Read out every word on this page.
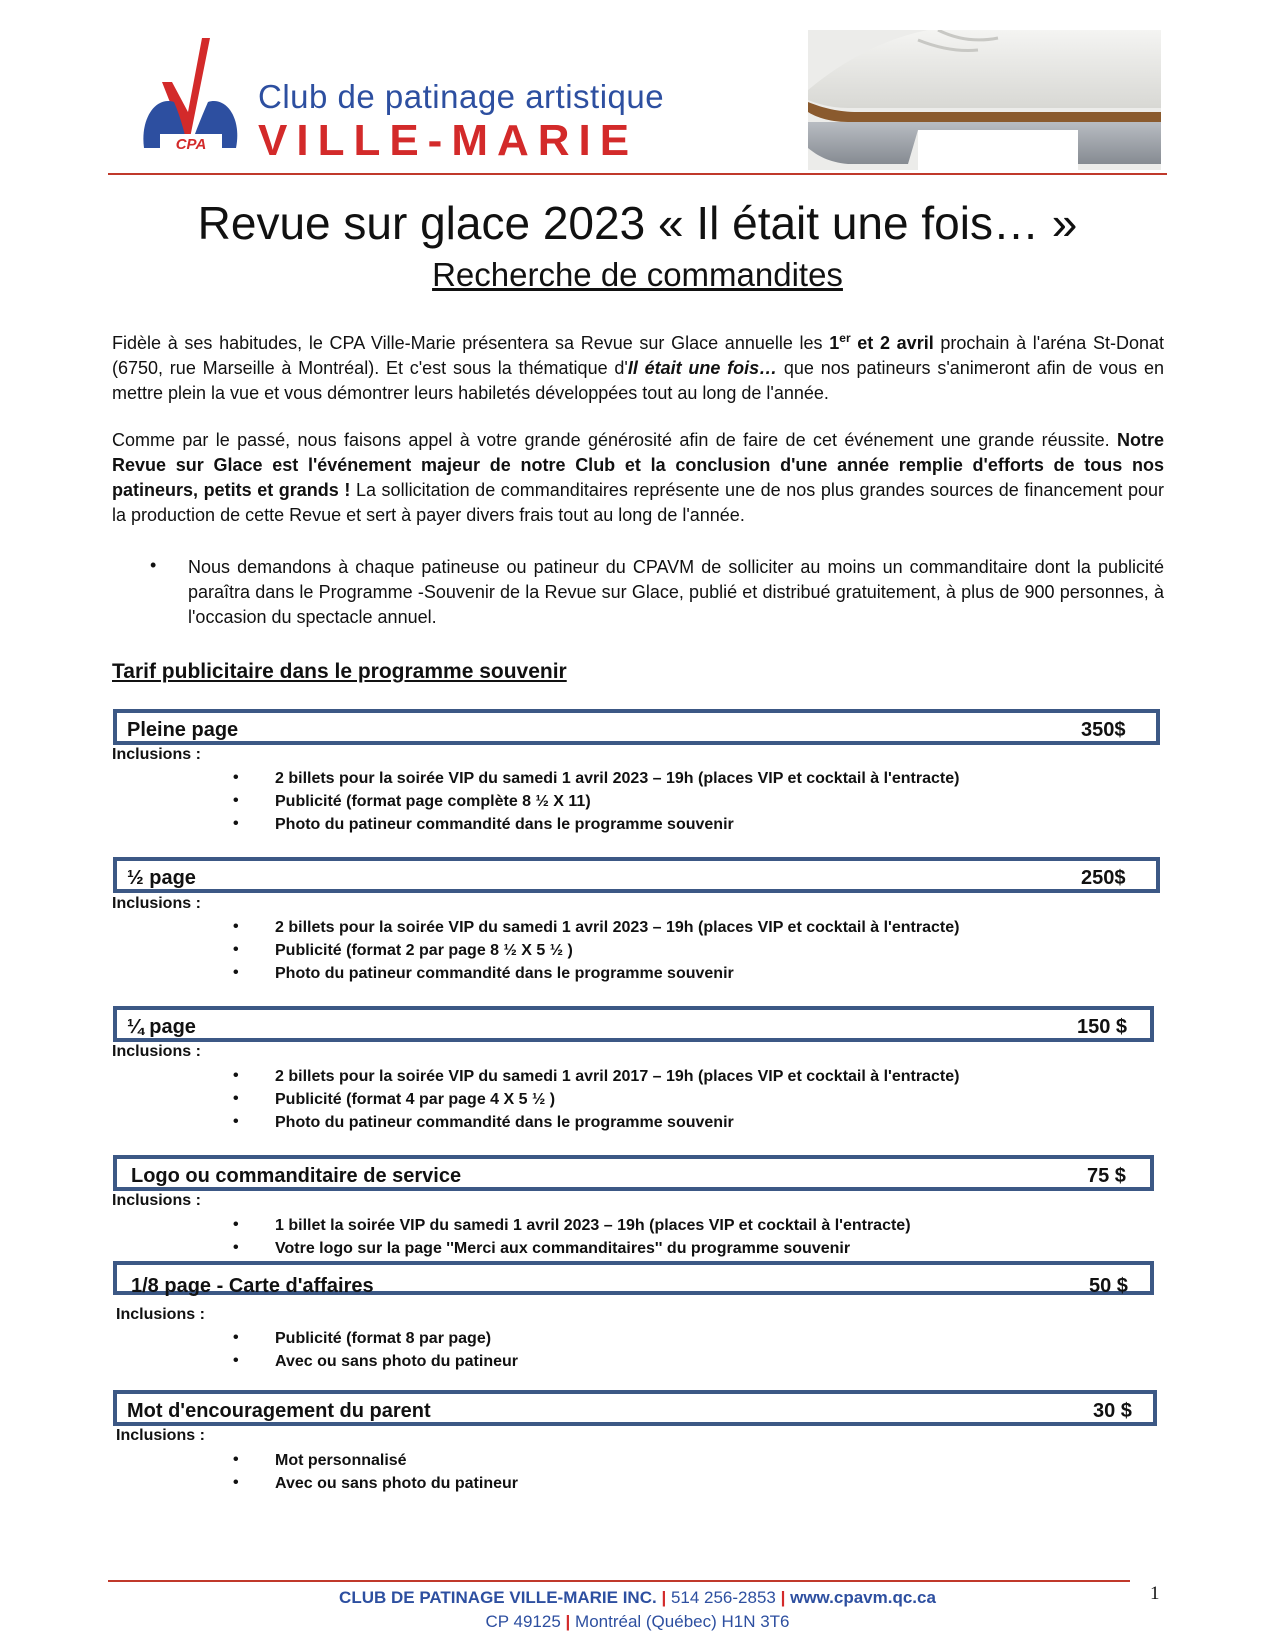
CPA
Club de patinage artistique
VILLE-MARIE
Revue sur glace 2023 « Il était une fois… »
Recherche de commandites
Fidèle à ses habitudes, le CPA Ville-Marie présentera sa Revue sur Glace annuelle les 1er et 2 avril prochain à l'aréna St-Donat (6750, rue Marseille à Montréal). Et c'est sous la thématique d'Il était une fois… que nos patineurs s'animeront afin de vous en mettre plein la vue et vous démontrer leurs habiletés développées tout au long de l'année.
Comme par le passé, nous faisons appel à votre grande générosité afin de faire de cet événement une grande réussite. Notre Revue sur Glace est l'événement majeur de notre Club et la conclusion d'une année remplie d'efforts de tous nos patineurs, petits et grands ! La sollicitation de commanditaires représente une de nos plus grandes sources de financement pour la production de cette Revue et sert à payer divers frais tout au long de l'année.
• Nous demandons à chaque patineuse ou patineur du CPAVM de solliciter au moins un commanditaire dont la publicité paraîtra dans le Programme -Souvenir de la Revue sur Glace, publié et distribué gratuitement, à plus de 900 personnes, à l'occasion du spectacle annuel.
Tarif publicitaire dans le programme souvenir
Pleine page	350$
Inclusions :
• 2 billets pour la soirée VIP du samedi 1 avril 2023 – 19h (places VIP et cocktail à l'entracte)
• Publicité (format page complète 8 ½ X 11)
• Photo du patineur commandité dans le programme souvenir
½ page	250$
Inclusions :
• 2 billets pour la soirée VIP du samedi 1 avril 2023 – 19h (places VIP et cocktail à l'entracte)
• Publicité (format 2 par page 8 ½ X 5 ½ )
• Photo du patineur commandité dans le programme souvenir
¼ page	150 $
Inclusions :
• 2 billets pour la soirée VIP du samedi 1 avril 2017 – 19h (places VIP et cocktail à l'entracte)
• Publicité (format 4 par page 4 X 5 ½ )
• Photo du patineur commandité dans le programme souvenir
Logo ou commanditaire de service	75 $
Inclusions :
• 1 billet la soirée VIP du samedi 1 avril 2023 – 19h (places VIP et cocktail à l'entracte)
• Votre logo sur la page ''Merci aux commanditaires'' du programme souvenir
1/8 page - Carte d'affaires	50 $
Inclusions :
• Publicité (format 8 par page)
• Avec ou sans photo du patineur
Mot d'encouragement du parent	30 $
Inclusions :
• Mot personnalisé
• Avec ou sans photo du patineur
CLUB DE PATINAGE VILLE-MARIE INC. | 514 256-2853 | www.cpavm.qc.ca
CP 49125 | Montréal (Québec) H1N 3T6
1
